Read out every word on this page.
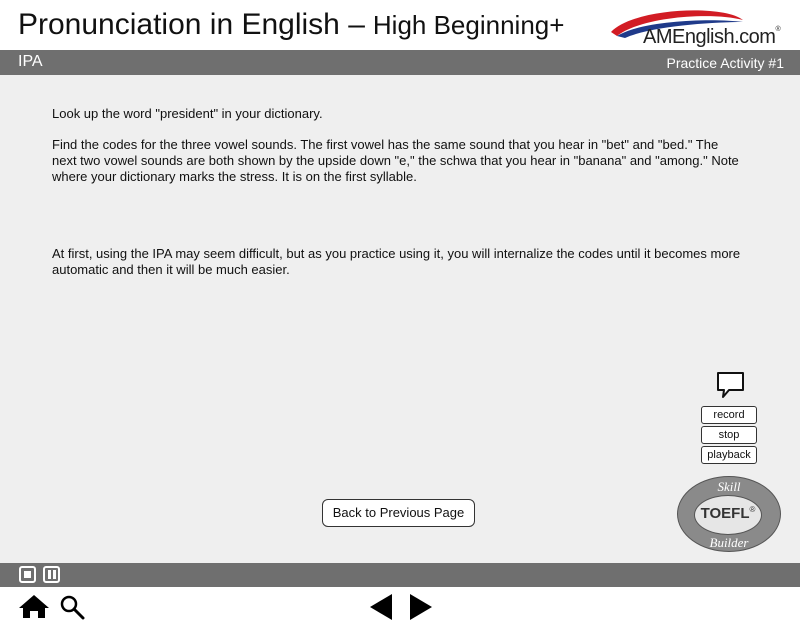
Pronunciation in English – High Beginning+	AMEnglish.com®
IPA	Practice Activity #1
Look up the word "president" in your dictionary.
Find the codes for the three vowel sounds. The first vowel has the same sound that you hear in "bet" and "bed." The next two vowel sounds are both shown by the upside down "e," the schwa that you hear in "banana" and "among." Note where your dictionary marks the stress. It is on the first syllable.
At first, using the IPA may seem difficult, but as you practice using it, you will internalize the codes until it becomes more automatic and then it will be much easier.
record
stop
playback
Back to Previous Page
Skill
TOEFL®
Builder
